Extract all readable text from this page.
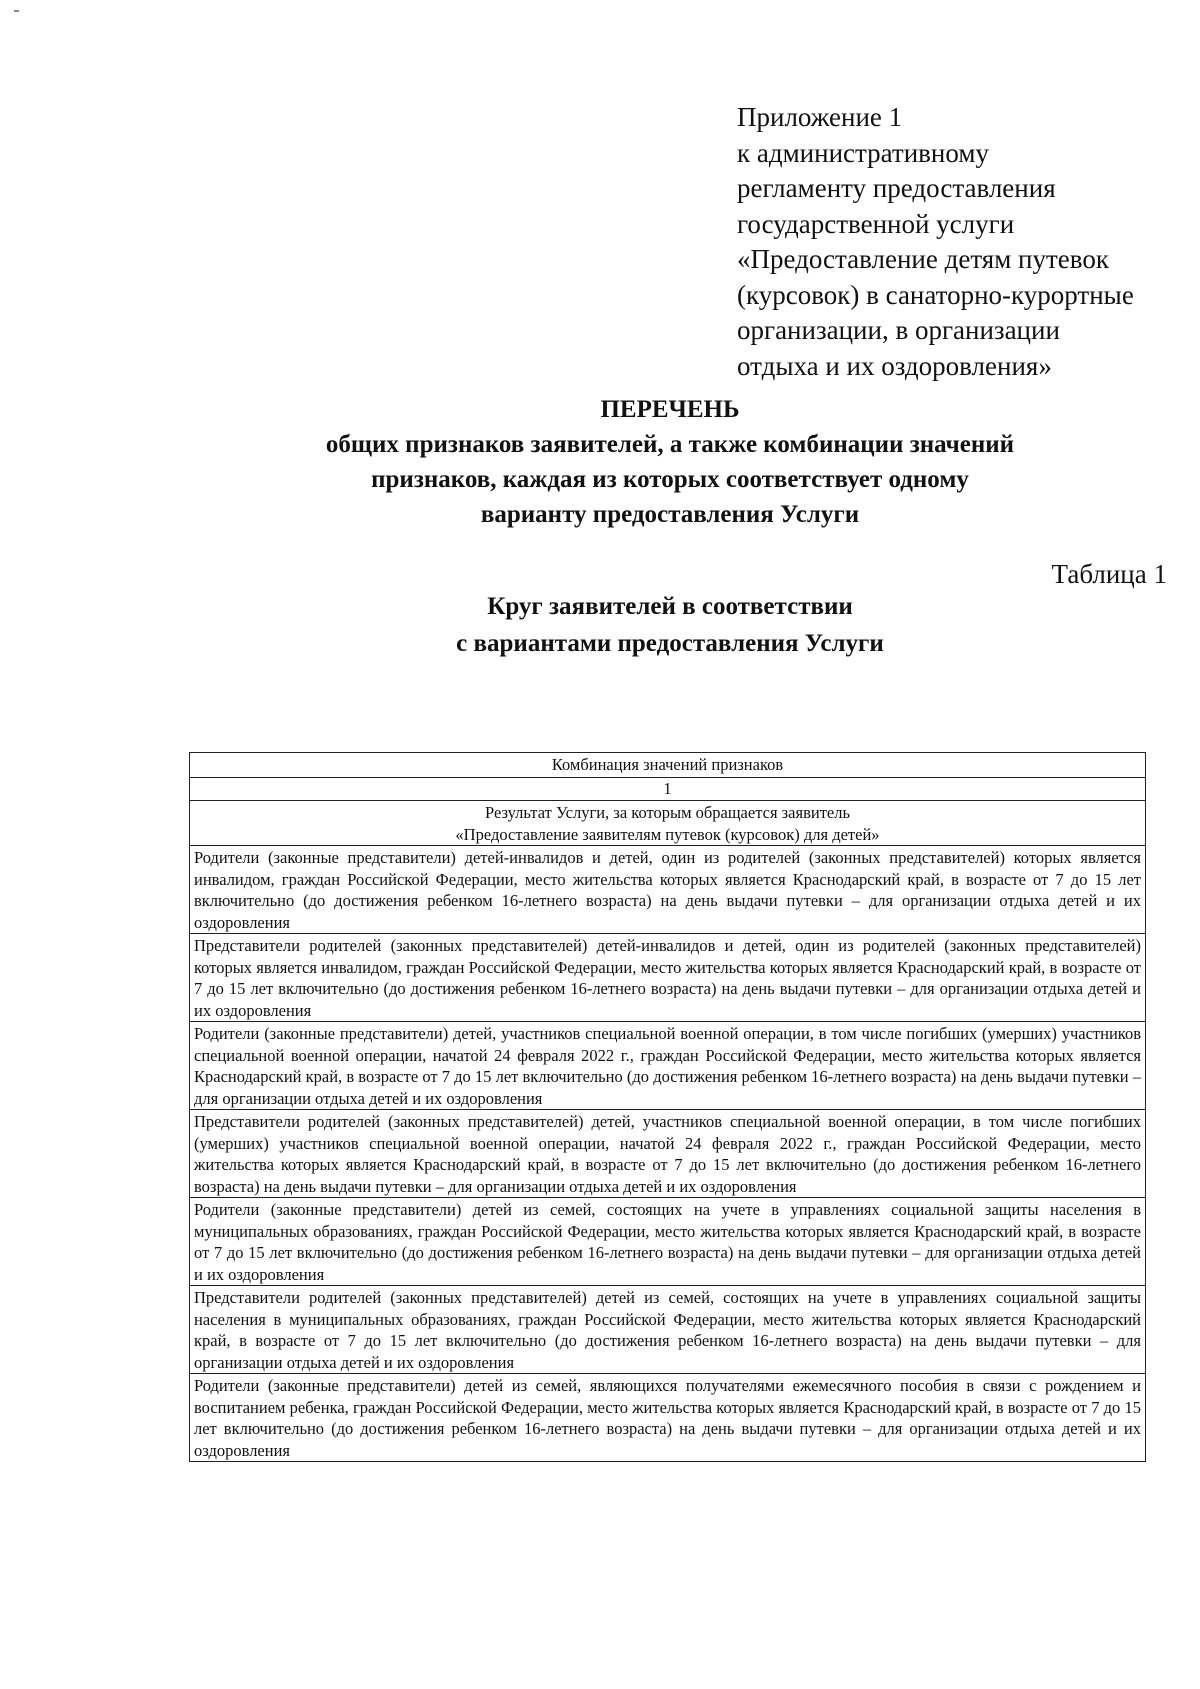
Приложение 1
к административному
регламенту предоставления
государственной услуги
«Предоставление детям путевок
(курсовок) в санаторно-курортные
организации, в организации
отдыха и их оздоровления»
ПЕРЕЧЕНЬ
общих признаков заявителей, а также комбинации значений
признаков, каждая из которых соответствует одному
варианту предоставления Услуги
Таблица 1
Круг заявителей в соответствии
с вариантами предоставления Услуги
Комбинация значений признаков
1

Результат Услуги, за которым обращается заявитель
«Предоставление заявителям путевок (курсовок) для детей»

Родители (законные представители) детей-инвалидов и детей, один из родителей (законных представителей) которых является инвалидом, граждан Российской Федерации, место жительства которых является Краснодарский край, в возрасте от 7 до 15 лет включительно (до достижения ребенком 16-летнего возраста) на день выдачи путевки – для организации отдыха детей и их оздоровления
Представители родителей (законных представителей) детей-инвалидов и детей, один из родителей (законных представителей) которых является инвалидом, граждан Российской Федерации, место жительства которых является Краснодарский край, в возрасте от 7 до 15 лет включительно (до достижения ребенком 16-летнего возраста) на день выдачи путевки – для организации отдыха детей и их оздоровления
Родители (законные представители) детей, участников специальной военной операции, в том числе погибших (умерших) участников специальной военной операции, начатой 24 февраля 2022 г., граждан Российской Федерации, место жительства которых является Краснодарский край, в возрасте от 7 до 15 лет включительно (до достижения ребенком 16-летнего возраста) на день выдачи путевки – для организации отдыха детей и их оздоровления
Представители родителей (законных представителей) детей, участников специальной военной операции, в том числе погибших (умерших) участников специальной военной операции, начатой 24 февраля 2022 г., граждан Российской Федерации, место жительства которых является Краснодарский край, в возрасте от 7 до 15 лет включительно (до достижения ребенком 16-летнего возраста) на день выдачи путевки – для организации отдыха детей и их оздоровления
Родители (законные представители) детей из семей, состоящих на учете в управлениях социальной защиты населения в муниципальных образованиях, граждан Российской Федерации, место жительства которых является Краснодарский край, в возрасте от 7 до 15 лет включительно (до достижения ребенком 16-летнего возраста) на день выдачи путевки – для организации отдыха детей и их оздоровления
Представители родителей (законных представителей) детей из семей, состоящих на учете в управлениях социальной защиты населения в муниципальных образованиях, граждан Российской Федерации, место жительства которых является Краснодарский край, в возрасте от 7 до 15 лет включительно (до достижения ребенком 16-летнего возраста) на день выдачи путевки – для организации отдыха детей и их оздоровления
Родители (законные представители) детей из семей, являющихся получателями ежемесячного пособия в связи с рождением и воспитанием ребенка, граждан Российской Федерации, место жительства которых является Краснодарский край, в возрасте от 7 до 15 лет включительно (до достижения ребенком 16-летнего возраста) на день выдачи путевки – для организации отдыха детей и их оздоровления
